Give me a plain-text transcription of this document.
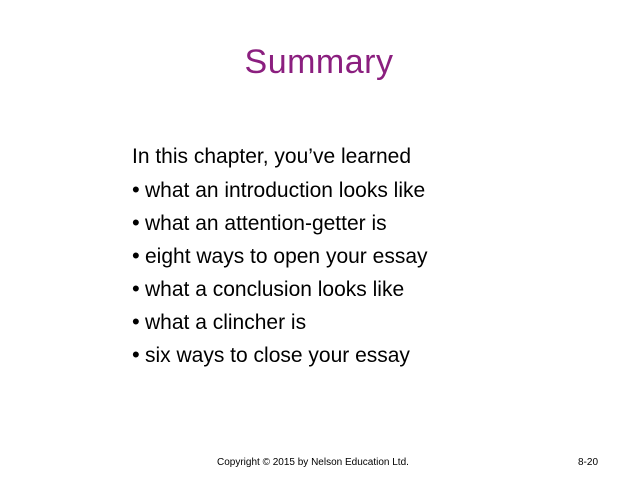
Summary
In this chapter, you’ve learned
• what an introduction looks like
• what an attention-getter is
• eight ways to open your essay
• what a conclusion looks like
• what a clincher is
• six ways to close your essay
Copyright © 2015 by Nelson Education Ltd.	8-20
